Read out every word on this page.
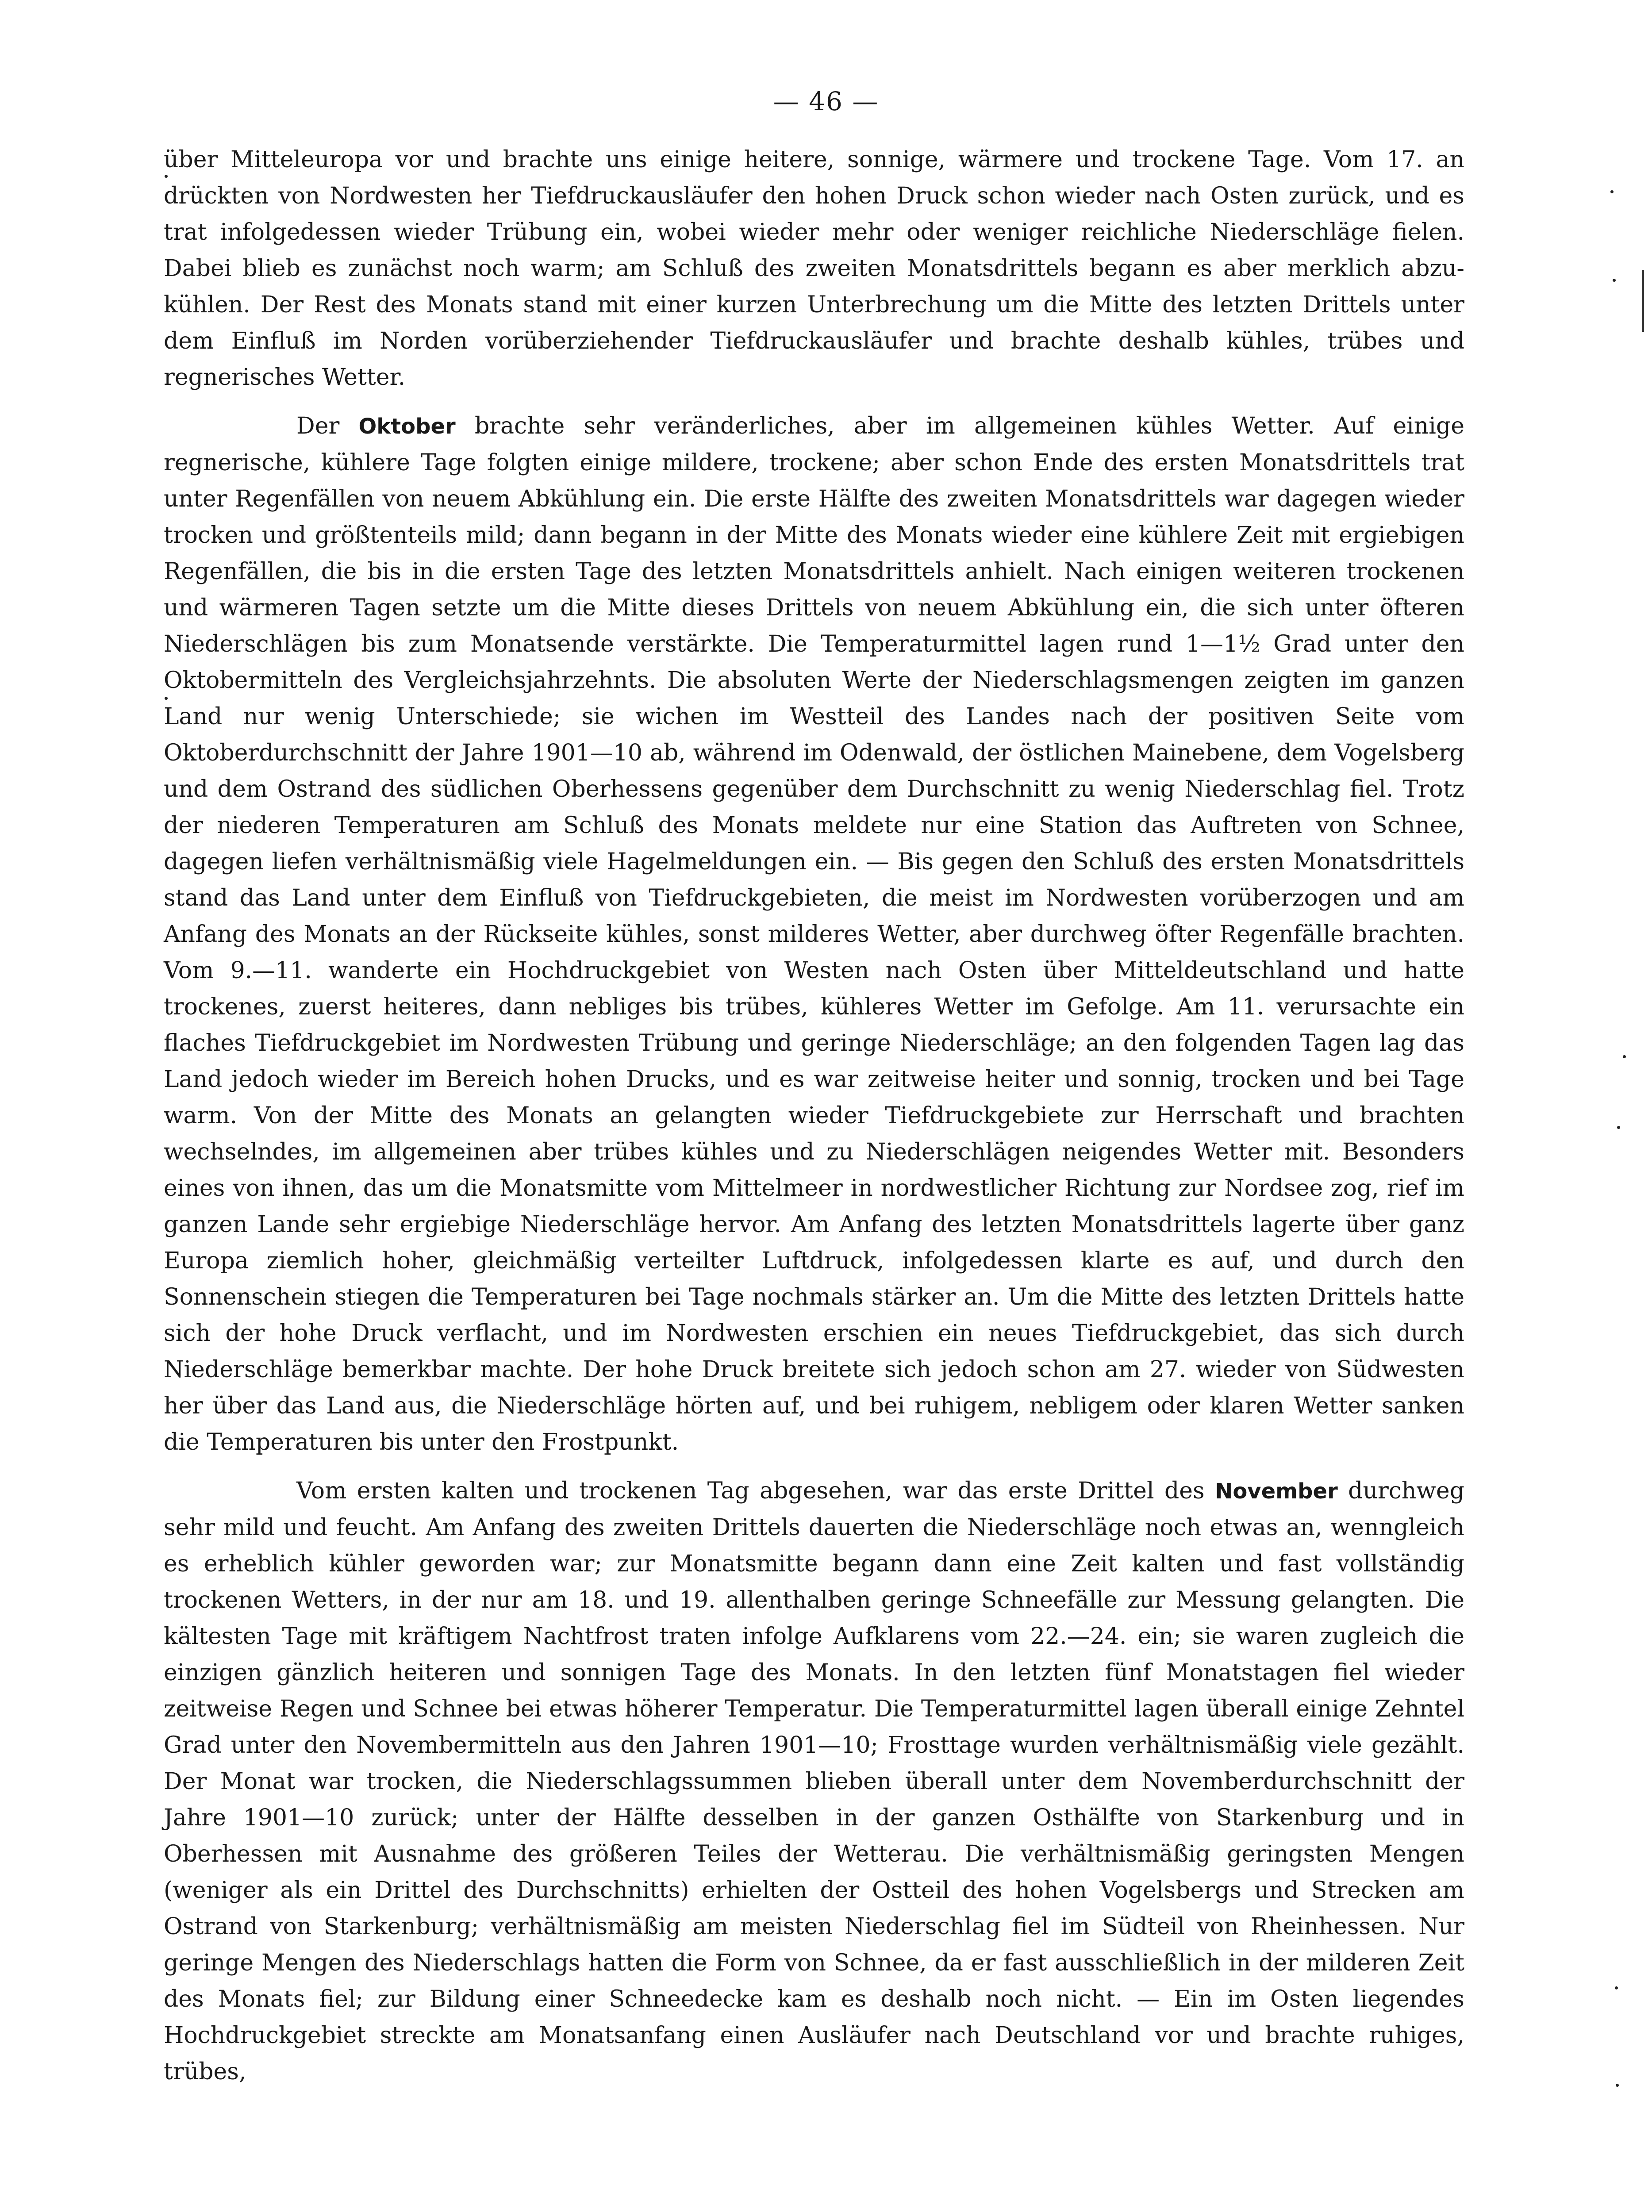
— 46 —

über Mitteleuropa vor und brachte uns einige heitere, sonnige, wärmere und trockene Tage. Vom 17. an drückten von Nordwesten her Tiefdruckausläufer den hohen Druck schon wieder nach Osten zurück, und es trat infolgedessen wieder Trübung ein, wobei wieder mehr oder weniger reichliche Niederschläge fielen. Dabei blieb es zunächst noch warm; am Schluß des zweiten Monatsdrittels begann es aber merklich abzukühlen. Der Rest des Monats stand mit einer kurzen Unterbrechung um die Mitte des letzten Drittels unter dem Einfluß im Norden vorüberziehender Tiefdruckausläufer und brachte deshalb kühles, trübes und regnerisches Wetter.

Der Oktober brachte sehr veränderliches, aber im allgemeinen kühles Wetter. Auf einige regnerische, kühlere Tage folgten einige mildere, trockene; aber schon Ende des ersten Monatsdrittels trat unter Regenfällen von neuem Abkühlung ein. Die erste Hälfte des zweiten Monatsdrittels war dagegen wieder trocken und größtenteils mild; dann begann in der Mitte des Monats wieder eine kühlere Zeit mit ergiebigen Regenfällen, die bis in die ersten Tage des letzten Monatsdrittels anhielt. Nach einigen weiteren trockenen und wärmeren Tagen setzte um die Mitte dieses Drittels von neuem Abkühlung ein, die sich unter öfteren Niederschlägen bis zum Monatsende verstärkte. Die Temperaturmittel lagen rund 1—1½ Grad unter den Oktobermitteln des Vergleichsjahrzehnts. Die absoluten Werte der Niederschlagsmengen zeigten im ganzen Land nur wenig Unterschiede; sie wichen im Westteil des Landes nach der positiven Seite vom Oktoberdurchschnitt der Jahre 1901—10 ab, während im Odenwald, der östlichen Mainebene, dem Vogelsberg und dem Ostrand des südlichen Oberhessens gegenüber dem Durchschnitt zu wenig Niederschlag fiel. Trotz der niederen Temperaturen am Schluß des Monats meldete nur eine Station das Auftreten von Schnee, dagegen liefen verhältnismäßig viele Hagelmeldungen ein. — Bis gegen den Schluß des ersten Monatsdrittels stand das Land unter dem Einfluß von Tiefdruckgebieten, die meist im Nordwesten vorüberzogen und am Anfang des Monats an der Rückseite kühles, sonst milderes Wetter, aber durchweg öfter Regenfälle brachten. Vom 9.—11. wanderte ein Hochdruckgebiet von Westen nach Osten über Mitteldeutschland und hatte trockenes, zuerst heiteres, dann nebliges bis trübes, kühleres Wetter im Gefolge. Am 11. verursachte ein flaches Tiefdruckgebiet im Nordwesten Trübung und geringe Niederschläge; an den folgenden Tagen lag das Land jedoch wieder im Bereich hohen Drucks, und es war zeitweise heiter und sonnig, trocken und bei Tage warm. Von der Mitte des Monats an gelangten wieder Tiefdruckgebiete zur Herrschaft und brachten wechselndes, im allgemeinen aber trübes kühles und zu Niederschlägen neigendes Wetter mit. Besonders eines von ihnen, das um die Monatsmitte vom Mittelmeer in nordwestlicher Richtung zur Nordsee zog, rief im ganzen Lande sehr ergiebige Niederschläge hervor. Am Anfang des letzten Monatsdrittels lagerte über ganz Europa ziemlich hoher, gleichmäßig verteilter Luftdruck, infolgedessen klarte es auf, und durch den Sonnenschein stiegen die Temperaturen bei Tage nochmals stärker an. Um die Mitte des letzten Drittels hatte sich der hohe Druck verflacht, und im Nordwesten erschien ein neues Tiefdruckgebiet, das sich durch Niederschläge bemerkbar machte. Der hohe Druck breitete sich jedoch schon am 27. wieder von Südwesten her über das Land aus, die Niederschläge hörten auf, und bei ruhigem, nebligem oder klaren Wetter sanken die Temperaturen bis unter den Frostpunkt.

Vom ersten kalten und trockenen Tag abgesehen, war das erste Drittel des November durchweg sehr mild und feucht. Am Anfang des zweiten Drittels dauerten die Niederschläge noch etwas an, wenngleich es erheblich kühler geworden war; zur Monatsmitte begann dann eine Zeit kalten und fast vollständig trockenen Wetters, in der nur am 18. und 19. allenthalben geringe Schneefälle zur Messung gelangten. Die kältesten Tage mit kräftigem Nachtfrost traten infolge Aufklarens vom 22.—24. ein; sie waren zugleich die einzigen gänzlich heiteren und sonnigen Tage des Monats. In den letzten fünf Monatstagen fiel wieder zeitweise Regen und Schnee bei etwas höherer Temperatur. Die Temperaturmittel lagen überall einige Zehntel Grad unter den Novembermitteln aus den Jahren 1901—10; Frosttage wurden verhältnismäßig viele gezählt. Der Monat war trocken, die Niederschlagssummen blieben überall unter dem Novemberdurchschnitt der Jahre 1901—10 zurück; unter der Hälfte desselben in der ganzen Osthälfte von Starkenburg und in Oberhessen mit Ausnahme des größeren Teiles der Wetterau. Die verhältnismäßig geringsten Mengen (weniger als ein Drittel des Durchschnitts) erhielten der Ostteil des hohen Vogelsbergs und Strecken am Ostrand von Starkenburg; verhältnismäßig am meisten Niederschlag fiel im Südteil von Rheinhessen. Nur geringe Mengen des Niederschlags hatten die Form von Schnee, da er fast ausschließlich in der milderen Zeit des Monats fiel; zur Bildung einer Schneedecke kam es deshalb noch nicht. — Ein im Osten liegendes Hochdruckgebiet streckte am Monatsanfang einen Ausläufer nach Deutschland vor und brachte ruhiges, trübes,
